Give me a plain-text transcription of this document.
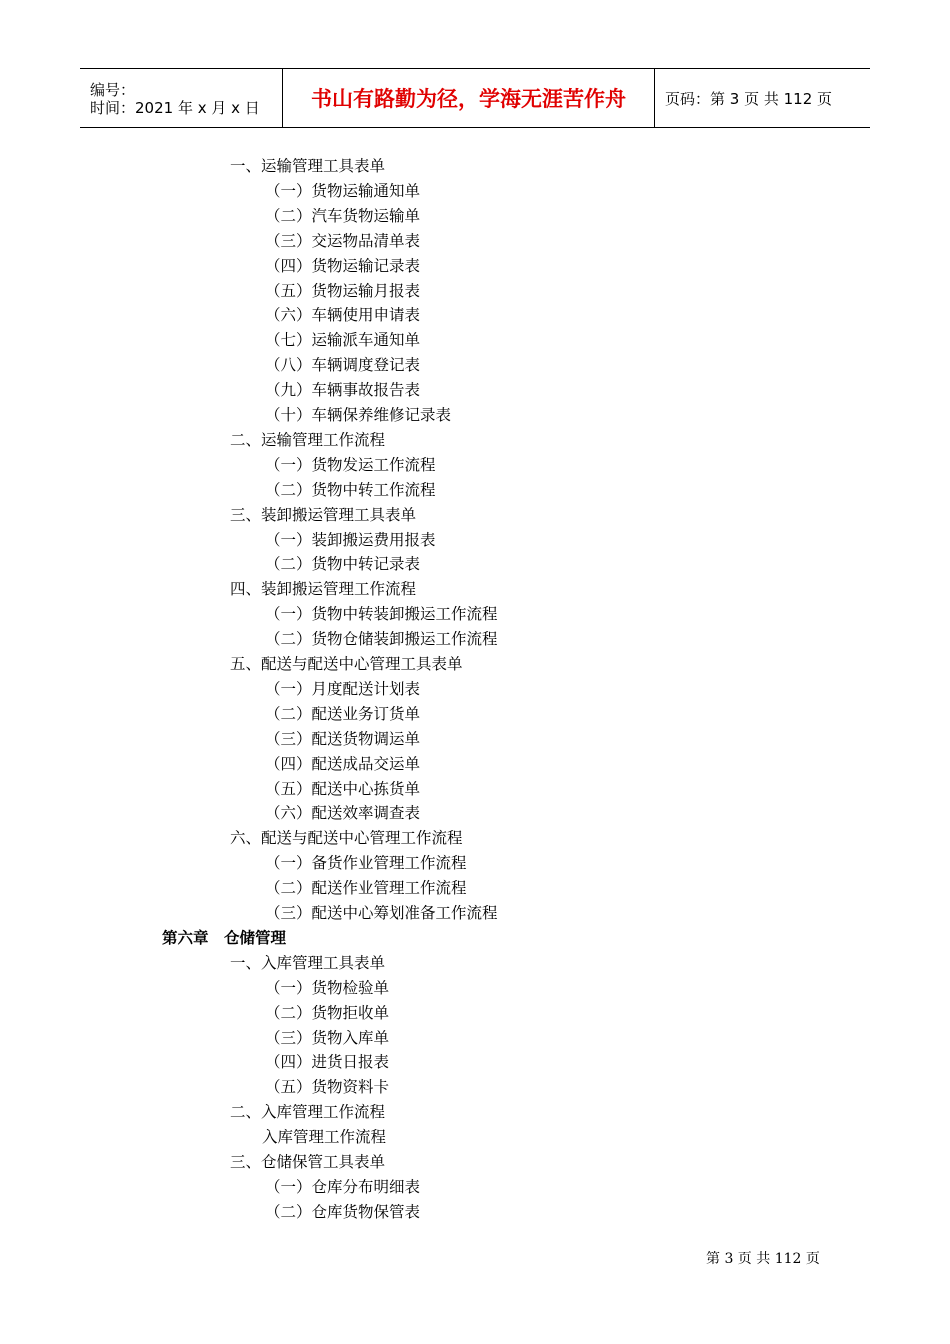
编号：
时间：2021 年 x 月 x 日	书山有路勤为径，学海无涯苦作舟	页码：第 3 页 共 112 页
一、运输管理工具表单
（一）货物运输通知单
（二）汽车货物运输单
（三）交运物品清单表
（四）货物运输记录表
（五）货物运输月报表
（六）车辆使用申请表
（七）运输派车通知单
（八）车辆调度登记表
（九）车辆事故报告表
（十）车辆保养维修记录表
二、运输管理工作流程
（一）货物发运工作流程
（二）货物中转工作流程
三、装卸搬运管理工具表单
（一）装卸搬运费用报表
（二）货物中转记录表
四、装卸搬运管理工作流程
（一）货物中转装卸搬运工作流程
（二）货物仓储装卸搬运工作流程
五、配送与配送中心管理工具表单
（一）月度配送计划表
（二）配送业务订货单
（三）配送货物调运单
（四）配送成品交运单
（五）配送中心拣货单
（六）配送效率调查表
六、配送与配送中心管理工作流程
（一）备货作业管理工作流程
（二）配送作业管理工作流程
（三）配送中心筹划准备工作流程
第六章　仓储管理
一、入库管理工具表单
（一）货物检验单
（二）货物拒收单
（三）货物入库单
（四）进货日报表
（五）货物资料卡
二、入库管理工作流程
入库管理工作流程
三、仓储保管工具表单
（一）仓库分布明细表
（二）仓库货物保管表
第 3 页 共 112 页
